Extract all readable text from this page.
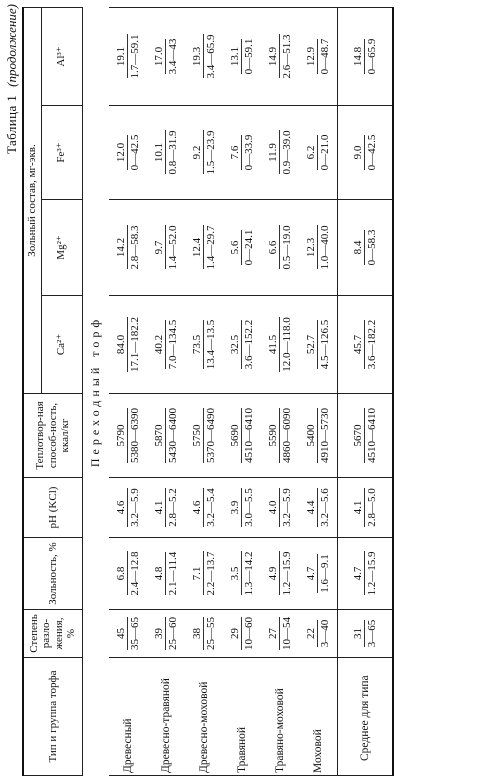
Таблица 1(продолжение)
Тип и группа торфа	Степень разло-жения, %	Зольность, %	pH (KCl)	Теплотвор-ная способ-ность, ккал/кг	Зольный состав, мг-экв.			
					Ca²⁺	Mg²⁺	Fe³⁺	Al³⁺
Переходный торф								
Древесный	45 35—65	6.8 2.4—12.8	4.6 3.2—5.9	5790 5380—6390	84.0 17.1—182.2	14.2 2.8—58.3	12.0 0—42.5	19.1 1.7—59.1

Древесно-травяной	39 25—60	4.8 2.1—11.4	4.1 2.8—5.2	5870 5430—6400	40.2 7.0—134.5	9.7 1.4—52.0	10.1 0.8—31.9	17.0 3.4—43

Древесно-моховой	38 25—55	7.1 2.2—13.7	4.6 3.2—5.4	5750 5370—6490	73.5 13.4—13.5	12.4 1.4—29.7	9.2 1.5—23.9	19.3 3.4—65.9

Травяной	29 10—60	3.5 1.3—14.2	3.9 3.0—5.5	5690 4510—6410	32.5 3.6—152.2	5.6 0—24.1	7.6 0—33.9	13.1 0—59.1

Травяно-моховой	27 10—54	4.9 1.2—15.9	4.0 3.2—5.9	5590 4860—6090	41.5 12.0—118.0	6.6 0.5—19.0	11.9 0.9—39.0	14.9 2.6—51.3

Моховой	22 3—40	4.7 1.6—9.1	4.4 3.2—5.6	5400 4910—5730	52.7 4.5—126.5	12.3 1.0—40.0	6.2 0—21.0	12.9 0—48.7

Среднее для типа	31 3—65	4.7 1.2—15.9	4.1 2.8—5.0	5670 4510—6410	45.7 3.6—182.2	8.4 0—58.3	9.0 0—42.5	14.8 0—65.9
